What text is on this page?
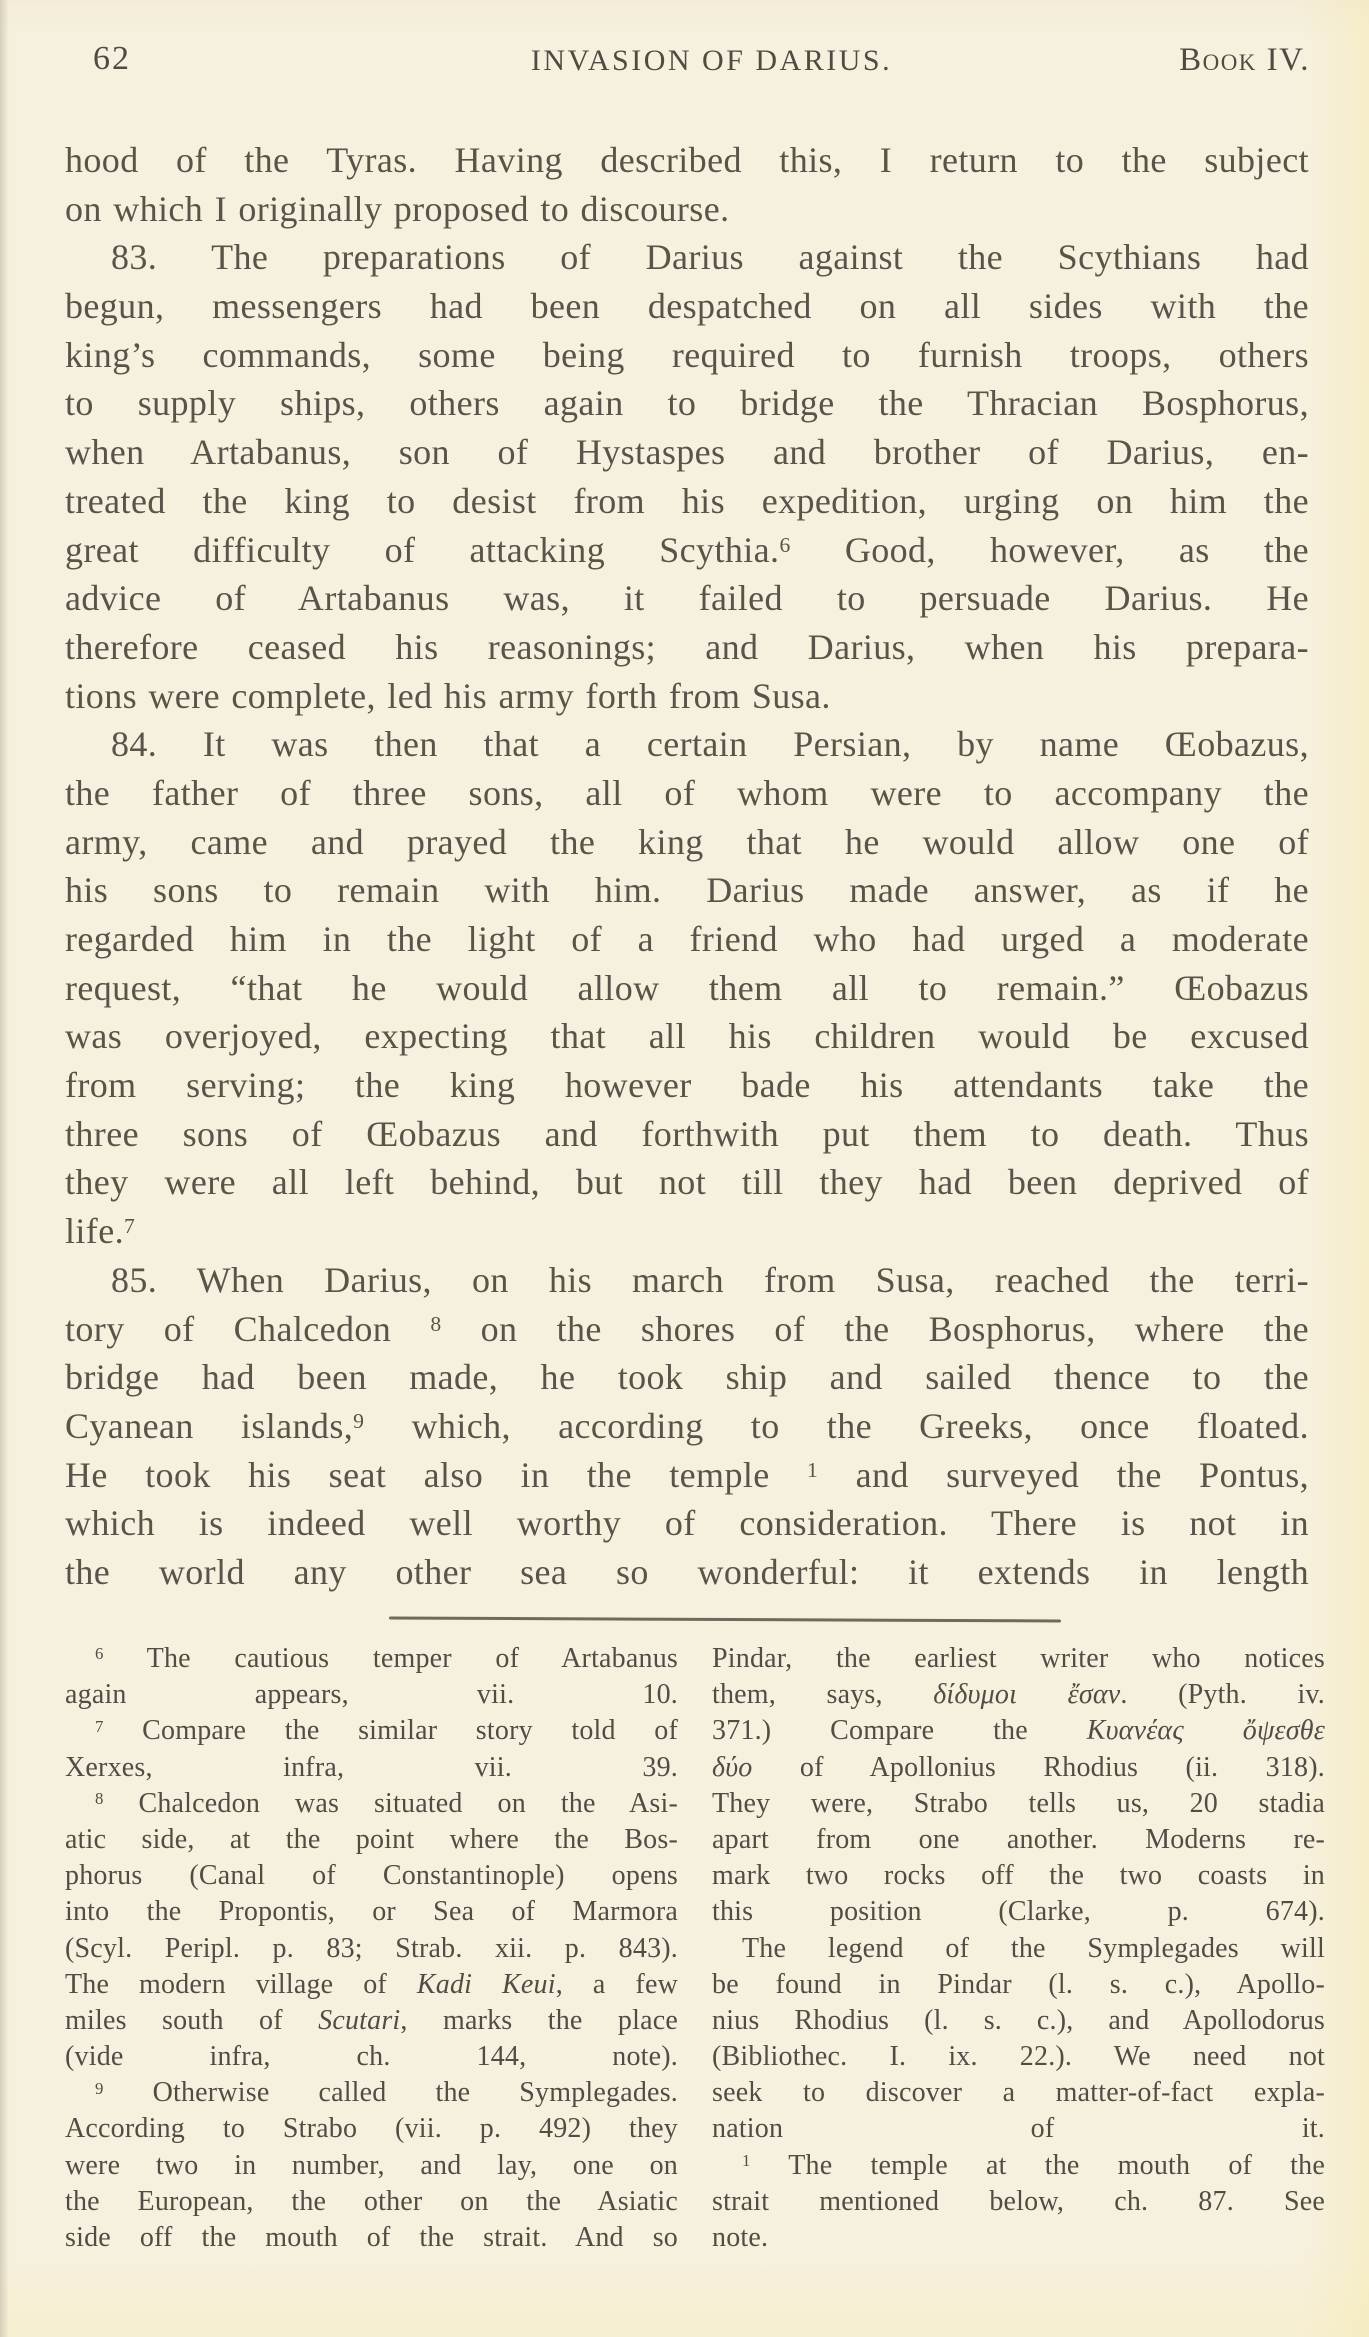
62	INVASION OF DARIUS.	Book IV.
hood of the Tyras. Having described this, I return to the subject
on which I originally proposed to discourse.
83. The preparations of Darius against the Scythians had
begun, messengers had been despatched on all sides with the
king’s commands, some being required to furnish troops, others
to supply ships, others again to bridge the Thracian Bosphorus,
when Artabanus, son of Hystaspes and brother of Darius, en-
treated the king to desist from his expedition, urging on him the
great difficulty of attacking Scythia.$^6$ Good, however, as the
advice of Artabanus was, it failed to persuade Darius. He
therefore ceased his reasonings; and Darius, when his prepara-
tions were complete, led his army forth from Susa.
84. It was then that a certain Persian, by name Œobazus,
the father of three sons, all of whom were to accompany the
army, came and prayed the king that he would allow one of
his sons to remain with him. Darius made answer, as if he
regarded him in the light of a friend who had urged a moderate
request, “that he would allow them all to remain.” Œobazus
was overjoyed, expecting that all his children would be excused
from serving; the king however bade his attendants take the
three sons of Œobazus and forthwith put them to death. Thus
they were all left behind, but not till they had been deprived of
life.$^7$
85. When Darius, on his march from Susa, reached the terri-
tory of Chalcedon $^8$ on the shores of the Bosphorus, where the
bridge had been made, he took ship and sailed thence to the
Cyanean islands,$^9$ which, according to the Greeks, once floated.
He took his seat also in the temple $^1$ and surveyed the Pontus,
which is indeed well worthy of consideration. There is not in
the world any other sea so wonderful: it extends in length
$^6$ The cautious temper of Artabanus
again appears, vii. 10.
$^7$ Compare the similar story told of
Xerxes, infra, vii. 39.
$^8$ Chalcedon was situated on the Asi-
atic side, at the point where the Bos-
phorus (Canal of Constantinople) opens
into the Propontis, or Sea of Marmora
(Scyl. Peripl. p. 83; Strab. xii. p. 843).
The modern village of Kadi Keui, a few
miles south of Scutari, marks the place
(vide infra, ch. 144, note).
$^9$ Otherwise called the Symplegades.
According to Strabo (vii. p. 492) they
were two in number, and lay, one on
the European, the other on the Asiatic
side off the mouth of the strait. And so
Pindar, the earliest writer who notices
them, says, δίδυμοι ἔσαν. (Pyth. iv.
371.) Compare the Κυανέας ὄψεσθε
δύο of Apollonius Rhodius (ii. 318).
They were, Strabo tells us, 20 stadia
apart from one another. Moderns re-
mark two rocks off the two coasts in
this position (Clarke, p. 674).
The legend of the Symplegades will
be found in Pindar (l. s. c.), Apollo-
nius Rhodius (l. s. c.), and Apollodorus
(Bibliothec. I. ix. 22.). We need not
seek to discover a matter-of-fact expla-
nation of it.
$^1$ The temple at the mouth of the
strait mentioned below, ch. 87. See
note.
